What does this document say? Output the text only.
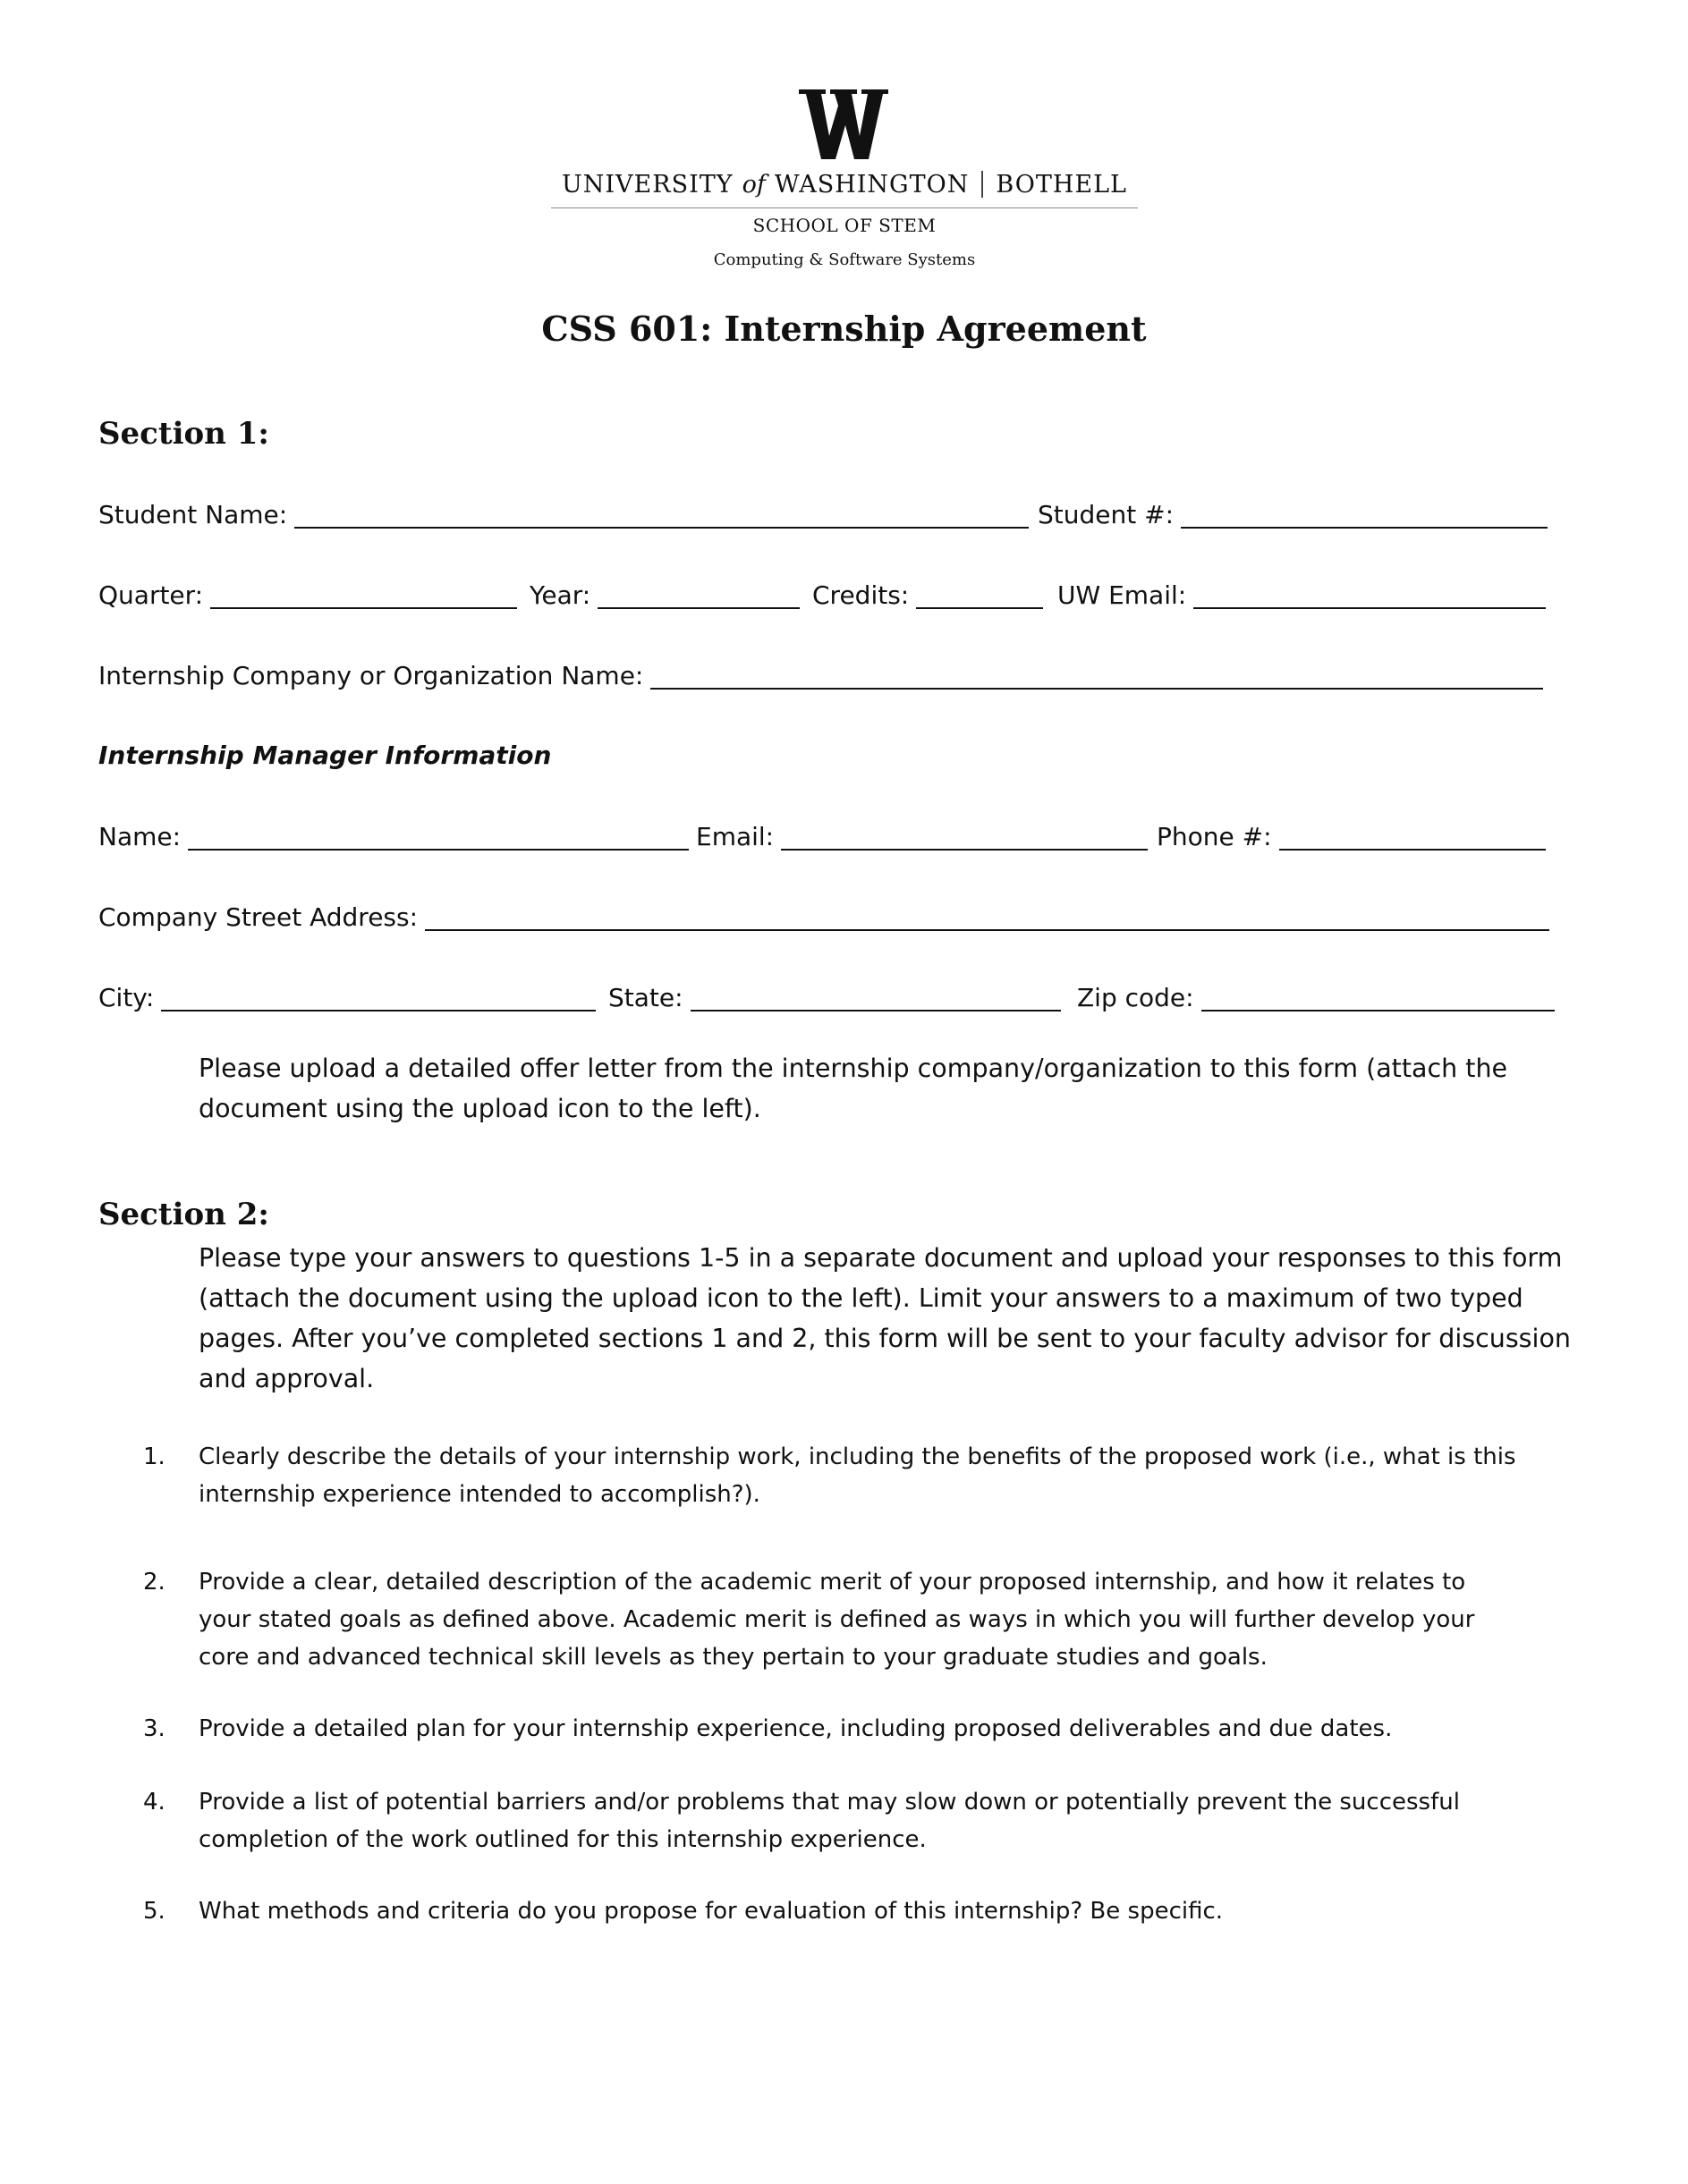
UNIVERSITY of WASHINGTON BOTHELL
SCHOOL OF STEM
Computing & Software Systems
CSS 601: Internship Agreement
Section 1:
Student Name:	Student #:
Quarter:	Year:	Credits:	UW Email:
Internship Company or Organization Name:
Internship Manager Information
Name:	Email:	Phone #:
Company Street Address:
City:	State:	Zip code:
Please upload a detailed offer letter from the internship company/organization to this form (attach the document using the upload icon to the left).
Section 2:
Please type your answers to questions 1-5 in a separate document and upload your responses to this form (attach the document using the upload icon to the left). Limit your answers to a maximum of two typed pages. After you’ve completed sections 1 and 2, this form will be sent to your faculty advisor for discussion and approval.
1.	Clearly describe the details of your internship work, including the benefits of the proposed work (i.e., what is this internship experience intended to accomplish?).
2.	Provide a clear, detailed description of the academic merit of your proposed internship, and how it relates to your stated goals as defined above. Academic merit is defined as ways in which you will further develop your core and advanced technical skill levels as they pertain to your graduate studies and goals.
3.	Provide a detailed plan for your internship experience, including proposed deliverables and due dates.
4.	Provide a list of potential barriers and/or problems that may slow down or potentially prevent the successful completion of the work outlined for this internship experience.
5.	What methods and criteria do you propose for evaluation of this internship? Be specific.
